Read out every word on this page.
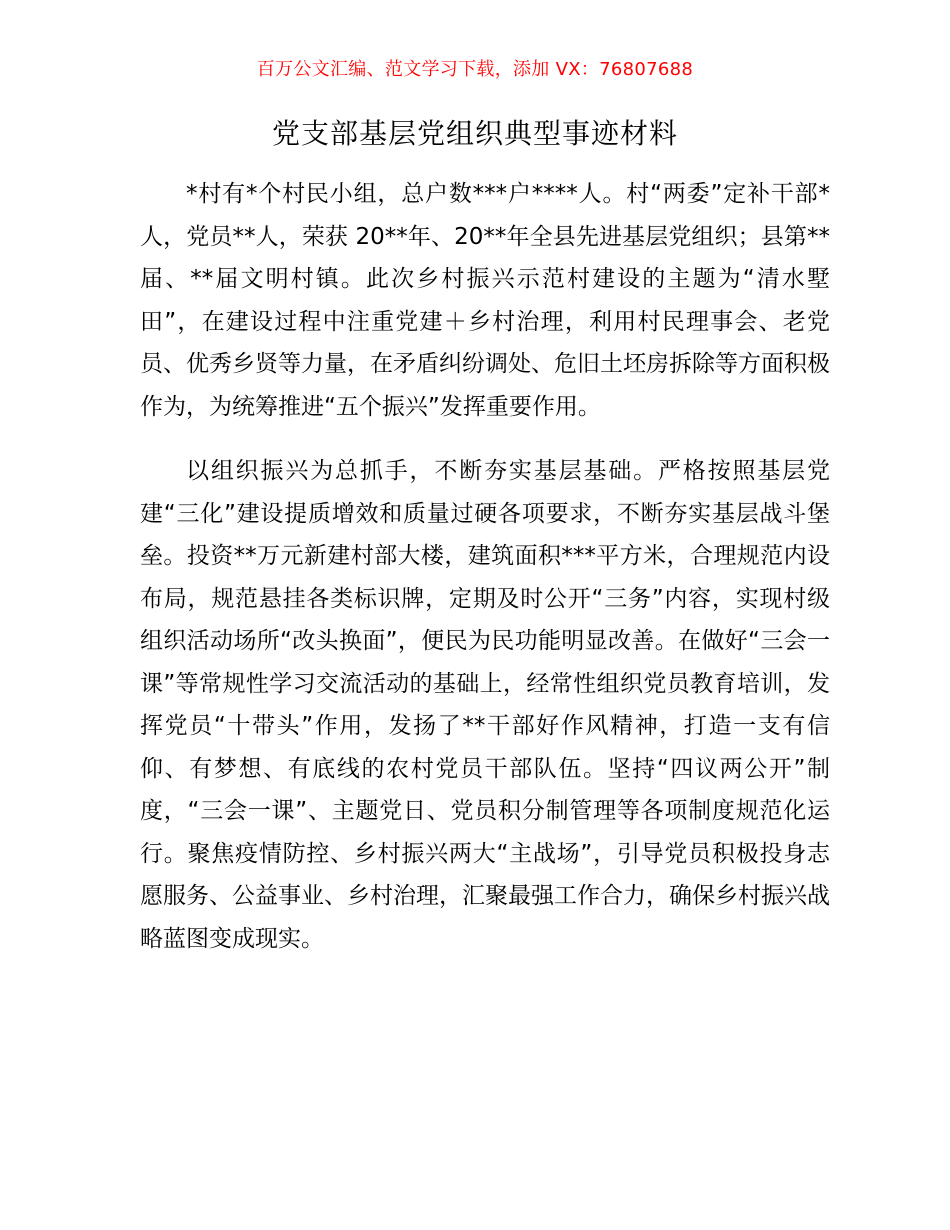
百万公文汇编、范文学习下载，添加 VX：76807688
党支部基层党组织典型事迹材料

*村有*个村民小组，总户数***户****人。村“两委”定补干部*人，党员**人，荣获 20**年、20**年全县先进基层党组织；县第**届、**届文明村镇。此次乡村振兴示范村建设的主题为“清水墅田”，在建设过程中注重党建＋乡村治理，利用村民理事会、老党员、优秀乡贤等力量，在矛盾纠纷调处、危旧土坯房拆除等方面积极作为，为统筹推进“五个振兴”发挥重要作用。

以组织振兴为总抓手，不断夯实基层基础。严格按照基层党建“三化”建设提质增效和质量过硬各项要求，不断夯实基层战斗堡垒。投资**万元新建村部大楼，建筑面积***平方米，合理规范内设布局，规范悬挂各类标识牌，定期及时公开“三务”内容，实现村级组织活动场所“改头换面”，便民为民功能明显改善。在做好“三会一课”等常规性学习交流活动的基础上，经常性组织党员教育培训，发挥党员“十带头”作用，发扬了**干部好作风精神，打造一支有信仰、有梦想、有底线的农村党员干部队伍。坚持“四议两公开”制度，“三会一课”、主题党日、党员积分制管理等各项制度规范化运行。聚焦疫情防控、乡村振兴两大“主战场”，引导党员积极投身志愿服务、公益事业、乡村治理，汇聚最强工作合力，确保乡村振兴战略蓝图变成现实。
